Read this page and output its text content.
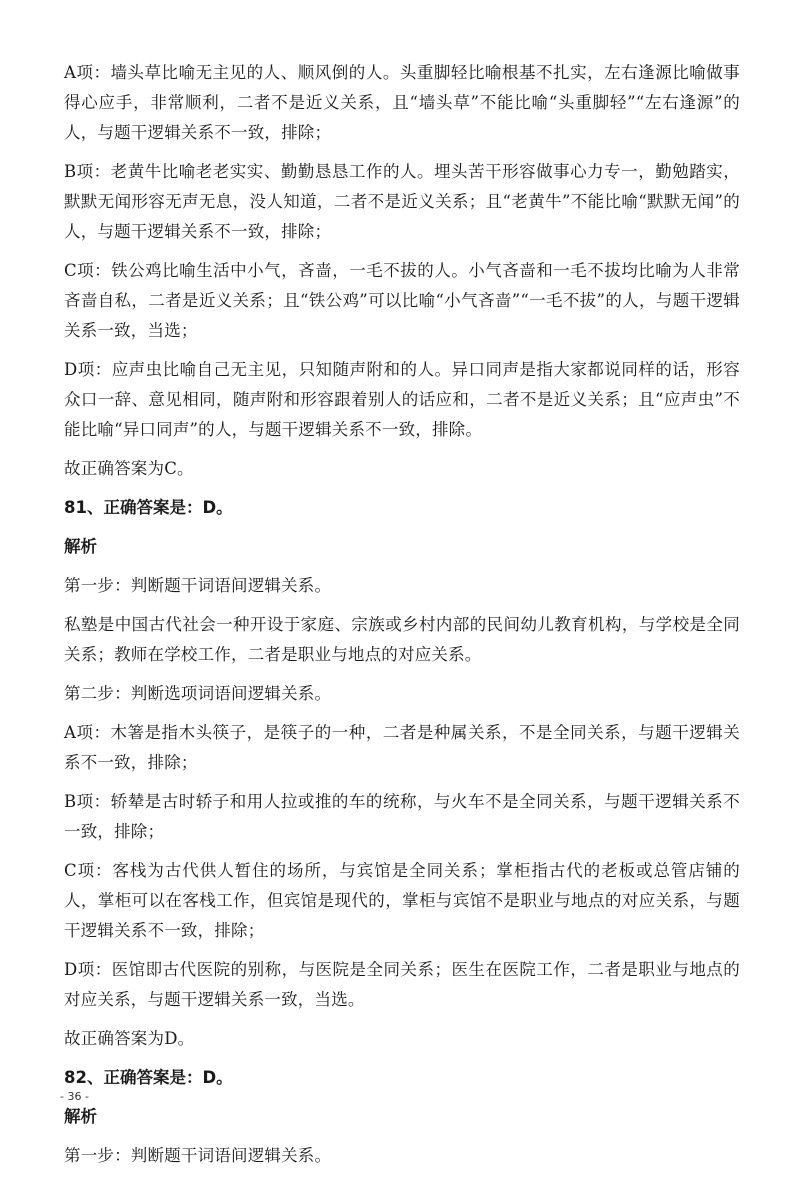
A项：墙头草比喻无主见的人、顺风倒的人。头重脚轻比喻根基不扎实，左右逢源比喻做事得心应手，非常顺利，二者不是近义关系，且“墙头草”不能比喻“头重脚轻”“左右逢源”的人，与题干逻辑关系不一致，排除；

B项：老黄牛比喻老老实实、勤勤恳恳工作的人。埋头苦干形容做事心力专一，勤勉踏实，默默无闻形容无声无息，没人知道，二者不是近义关系；且“老黄牛”不能比喻“默默无闻”的人，与题干逻辑关系不一致，排除；

C项：铁公鸡比喻生活中小气，吝啬，一毛不拔的人。小气吝啬和一毛不拔均比喻为人非常吝啬自私，二者是近义关系；且“铁公鸡”可以比喻“小气吝啬”“一毛不拔”的人，与题干逻辑关系一致，当选；

D项：应声虫比喻自己无主见，只知随声附和的人。异口同声是指大家都说同样的话，形容众口一辞、意见相同，随声附和形容跟着别人的话应和，二者不是近义关系；且“应声虫”不能比喻“异口同声”的人，与题干逻辑关系不一致，排除。

故正确答案为C。

81、正确答案是：D。

解析

第一步：判断题干词语间逻辑关系。

私塾是中国古代社会一种开设于家庭、宗族或乡村内部的民间幼儿教育机构，与学校是全同关系；教师在学校工作，二者是职业与地点的对应关系。

第二步：判断选项词语间逻辑关系。

A项：木箸是指木头筷子，是筷子的一种，二者是种属关系，不是全同关系，与题干逻辑关系不一致，排除；

B项：轿辇是古时轿子和用人拉或推的车的统称，与火车不是全同关系，与题干逻辑关系不一致，排除；

C项：客栈为古代供人暂住的场所，与宾馆是全同关系；掌柜指古代的老板或总管店铺的人，掌柜可以在客栈工作，但宾馆是现代的，掌柜与宾馆不是职业与地点的对应关系，与题干逻辑关系不一致，排除；

D项：医馆即古代医院的别称，与医院是全同关系；医生在医院工作，二者是职业与地点的对应关系，与题干逻辑关系一致，当选。

故正确答案为D。

82、正确答案是：D。

解析

第一步：判断题干词语间逻辑关系。

- 36 -
